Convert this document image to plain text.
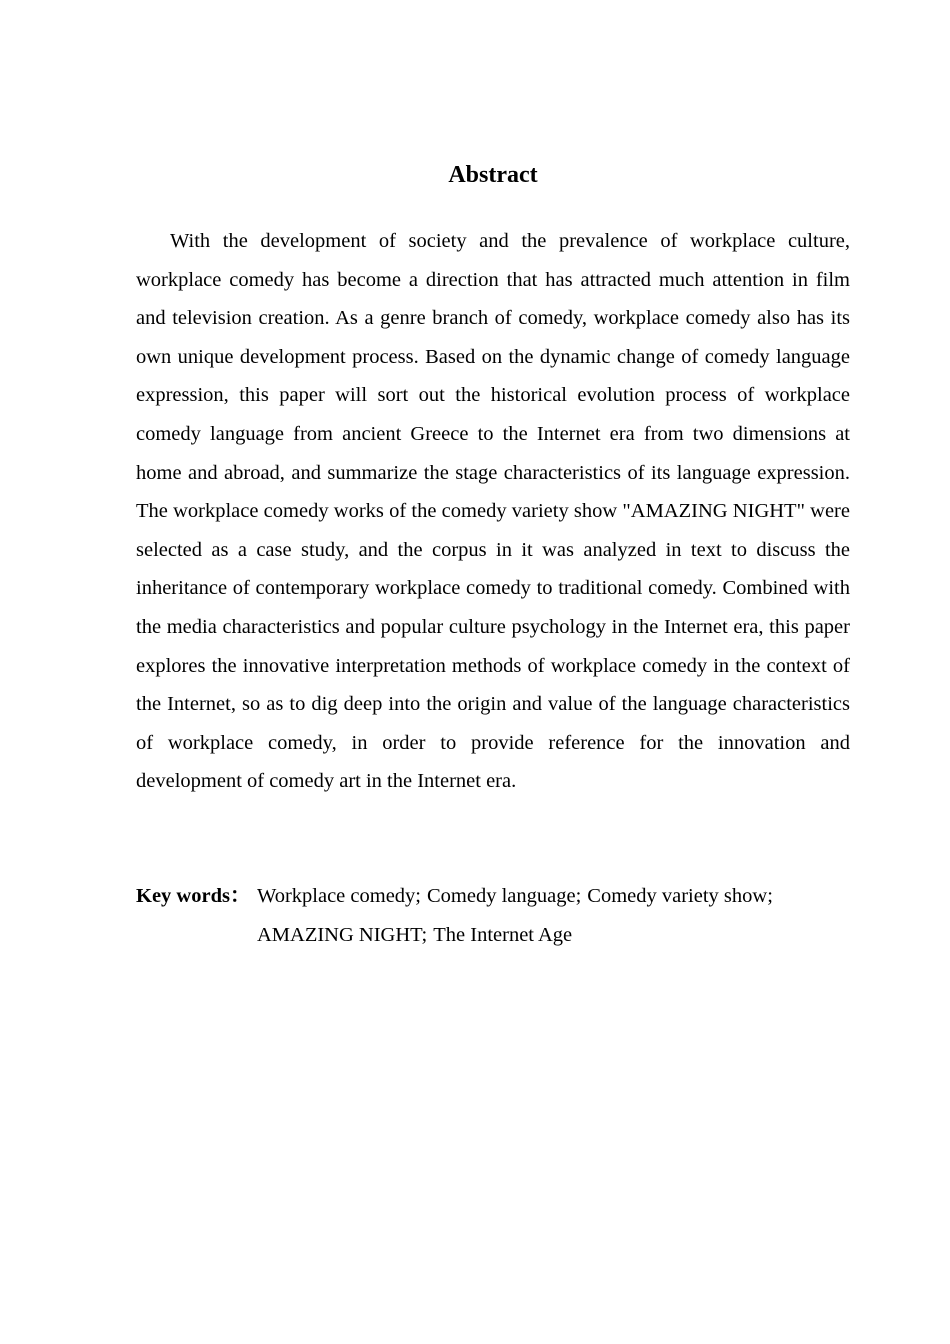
Abstract

With the development of society and the prevalence of workplace culture, workplace comedy has become a direction that has attracted much attention in film and television creation. As a genre branch of comedy, workplace comedy also has its own unique development process. Based on the dynamic change of comedy language expression, this paper will sort out the historical evolution process of workplace comedy language from ancient Greece to the Internet era from two dimensions at home and abroad, and summarize the stage characteristics of its language expression. The workplace comedy works of the comedy variety show "AMAZING NIGHT" were selected as a case study, and the corpus in it was analyzed in text to discuss the inheritance of contemporary workplace comedy to traditional comedy. Combined with the media characteristics and popular culture psychology in the Internet era, this paper explores the innovative interpretation methods of workplace comedy in the context of the Internet, so as to dig deep into the origin and value of the language characteristics of workplace comedy, in order to provide reference for the innovation and development of comedy art in the Internet era.

Key words： Workplace comedy; Comedy language; Comedy variety show;
AMAZING NIGHT; The Internet Age
